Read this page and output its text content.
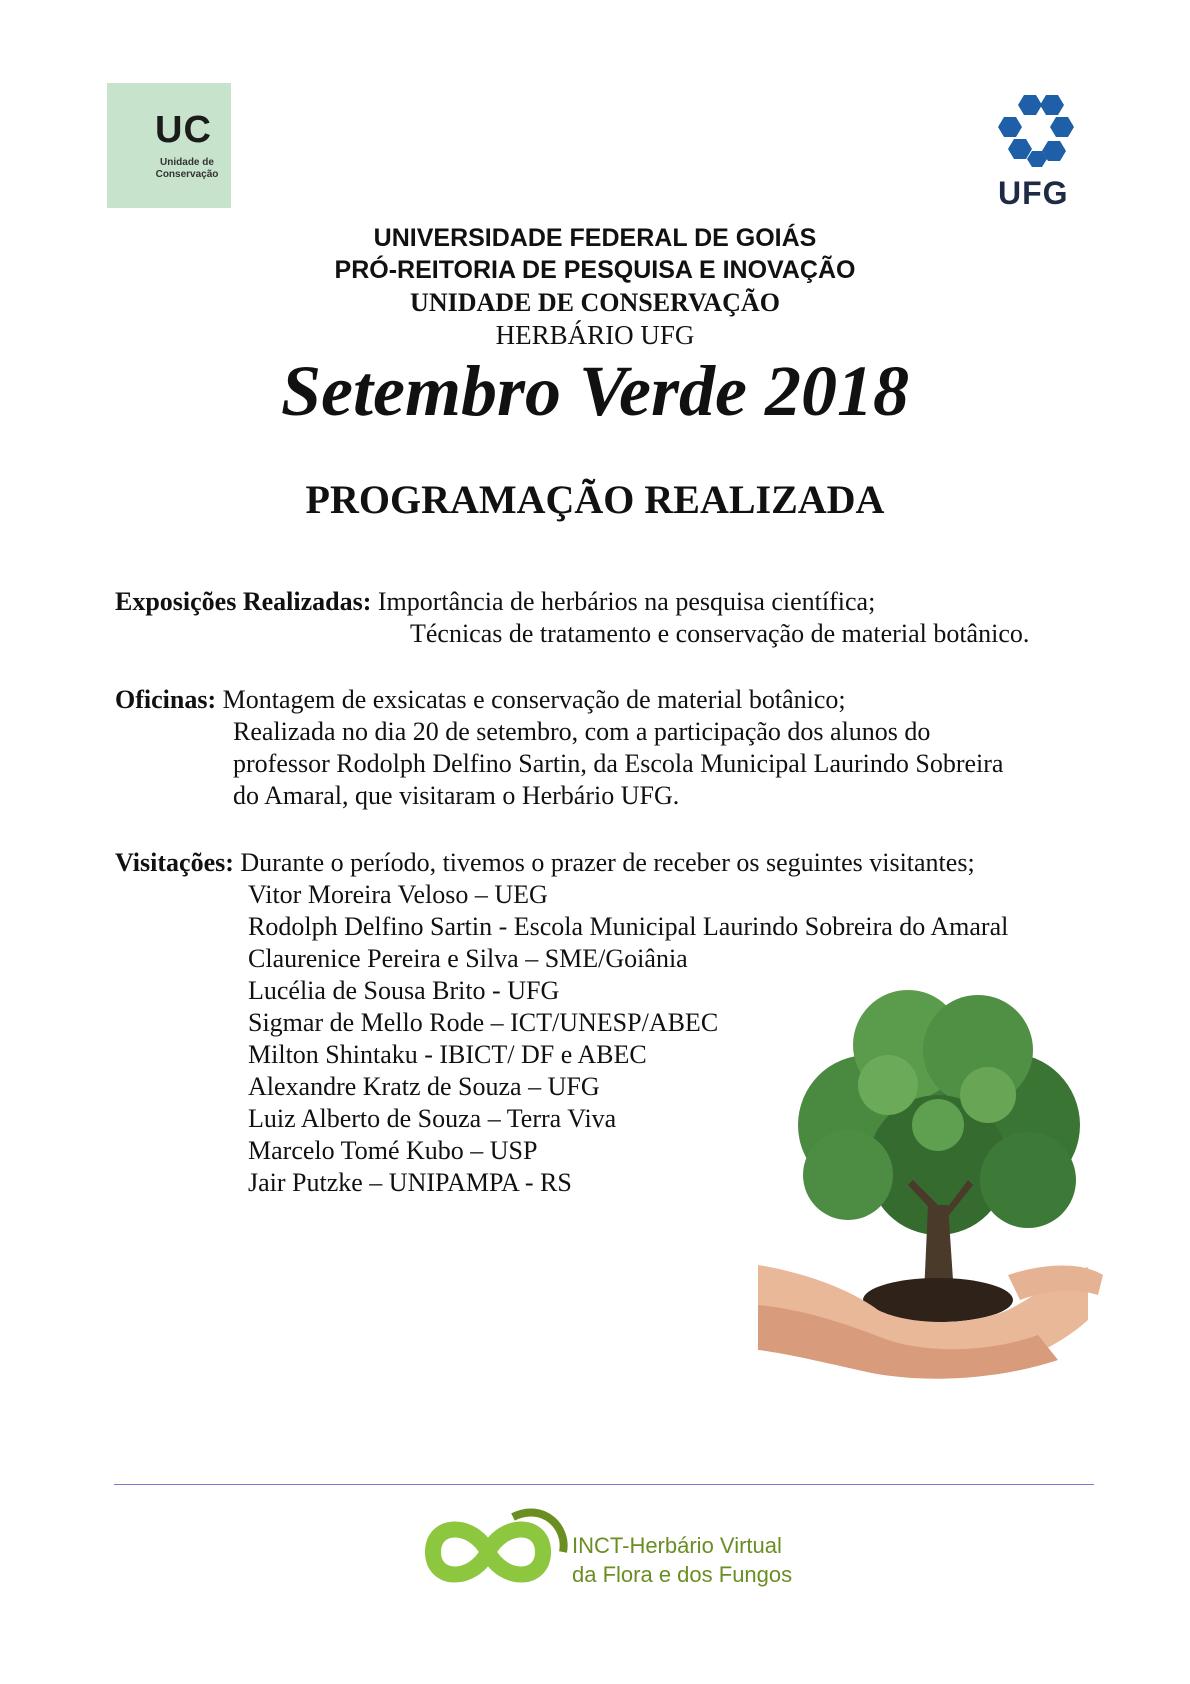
UC
Unidade de
Conservação
UFG
UNIVERSIDADE FEDERAL DE GOIÁS
PRÓ-REITORIA DE PESQUISA E INOVAÇÃO
UNIDADE DE CONSERVAÇÃO
HERBÁRIO UFG
Setembro Verde 2018
PROGRAMAÇÃO REALIZADA
Exposições Realizadas: Importância de herbários na pesquisa científica;
Técnicas de tratamento e conservação de material botânico.
Oficinas: Montagem de exsicatas e conservação de material botânico;
Realizada no dia 20 de setembro, com a participação dos alunos do
professor Rodolph Delfino Sartin, da Escola Municipal Laurindo Sobreira
do Amaral, que visitaram o Herbário UFG.
Visitações: Durante o período, tivemos o prazer de receber os seguintes visitantes;
Vitor Moreira Veloso – UEG
Rodolph Delfino Sartin - Escola Municipal Laurindo Sobreira do Amaral
Claurenice Pereira e Silva – SME/Goiânia
Lucélia de Sousa Brito - UFG
Sigmar de Mello Rode – ICT/UNESP/ABEC
Milton Shintaku - IBICT/ DF e ABEC
Alexandre Kratz de Souza – UFG
Luiz Alberto de Souza – Terra Viva
Marcelo Tomé Kubo – USP
Jair Putzke – UNIPAMPA - RS
INCT-Herbário Virtual
da Flora e dos Fungos
